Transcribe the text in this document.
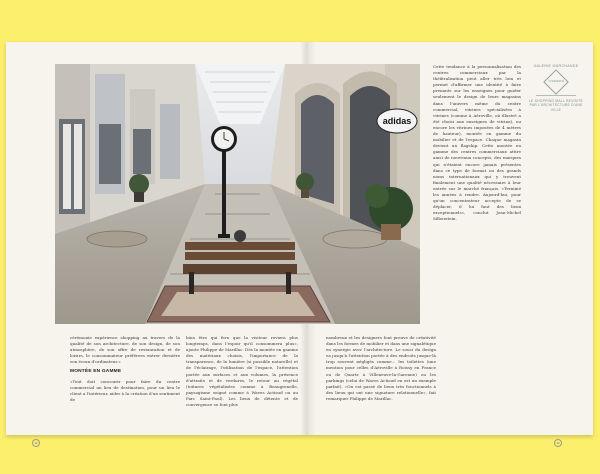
adidas

Cette tendance à la personnalisation des centres commerciaux par la théâtralisation peut aller très loin et permet d'affirmer une identité à faire prenants sur les enseignes pour guider seulement le design de leurs magasins dans l'univers même du centre commercial, vitrines spécialisées à vitrines (comme à Aéroville, où illustré a été choisi aux enseignes de vitrine), ou encore les vitrines imposées de 4 mètres de hauteur), montée en gamme du mobilier et de l'espace. Chaque magasin devient un flagship. Cette montée en gamme des centres commerciaux attire ainsi de nouveaux concepts, des marques qui n'étaient encore jamais présentes dans ce type de format ou des grands noms internationaux qui y trouvent finalement une qualité nécessaire à leur entrée sur le marché français. «Terminé les années à rendre. Aujourd'hui, pour qu'un concentrateur accepte de se déplacer, il lui faut des lieux exceptionnels», conclut Jean-Michel Silberstein.

GALERIE MARCHANDE
COMMERCE
LE SHOPPING MALL REVISITÉ PAR L'ARCHITECTURE D'UNE VILLE

cérémonie expérience shopping au travers de la qualité de son architecture, de son design, de son atmosphère, de son offre de restauration et de loisirs, le consommateur préférera entrer dernière son écran d'ordinateur.»

MONTÉE EN GAMME

«Tout doit concourir pour faire du centre commercial un lieu de destination, pour un lieu le client a l'intérieur, aider à la création d'un sentiment de

bien être qui fera que la visiteur reviera plus longtemps, dans l'espoir qu'il consommera plus», ajoute Philippe de Marillac. Dès la montée en gamme des matériaux choisis, l'importance de la transparence, de la lumière (si possible naturelle) et de l'éclairage, l'utilisation de l'espace, l'attention portée aux surfaces et aux volumes, la présence d'attraits et de verdures, le retour au végétal (toitures végétalisées comme à Beaugrenelle, paysagisme soigné comme à Waves Actisud ou au Parc Saint-Paul). Les lieux de détente et de convergence se font plus

nombreux et les designers font preuve de créativité dans les formes de mobilier et dans une signalétique en synergie avec l'architecture. Le souci du design va jusqu'à l'attention portée à des endroits jusque-là trop souvent négligés comme… les toilettes (une mention pour celles d'Aéroville à Roissy en France ou de Quartz à Villeneuve-la-Garenne) ou les parkings (celui de Waves Actisud en est un exemple parfait). «On est passé de lieux très fonctionnels à des lieux qui ont une signature relationnelle», fait remarquer Philippe de Marillac.

12	13
